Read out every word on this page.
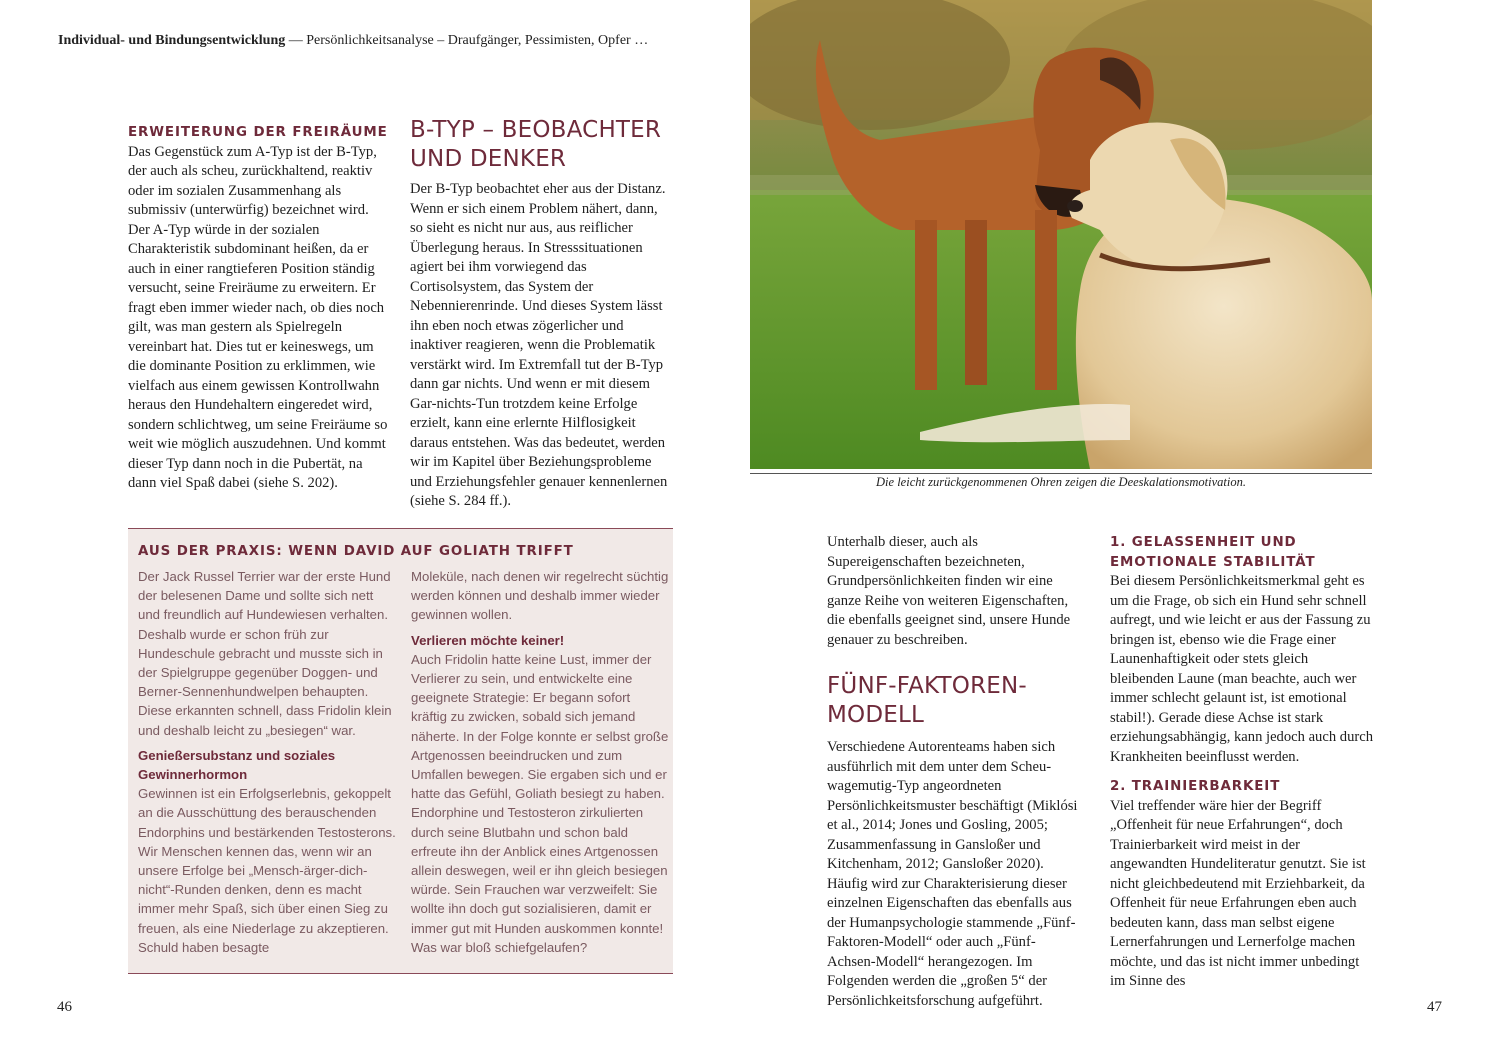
Individual- und Bindungsentwicklung — Persönlichkeitsanalyse – Draufgänger, Pessimisten, Opfer …
ERWEITERUNG DER FREIRÄUME

Das Gegenstück zum A-Typ ist der B-Typ, der auch als scheu, zurückhaltend, reaktiv oder im sozialen Zusammenhang als submissiv (unterwürfig) bezeichnet wird. Der A-Typ würde in der sozialen Charakteristik subdominant heißen, da er auch in einer rangtieferen Position ständig versucht, seine Freiräume zu erweitern. Er fragt eben immer wieder nach, ob dies noch gilt, was man gestern als Spielregeln vereinbart hat. Dies tut er keineswegs, um die dominante Position zu erklimmen, wie vielfach aus einem gewissen Kontrollwahn heraus den Hundehaltern eingeredet wird, sondern schlichtweg, um seine Freiräume so weit wie möglich auszudehnen. Und kommt dieser Typ dann noch in die Pubertät, na dann viel Spaß dabei (siehe S. 202).

B-TYP – BEOBACHTER UND DENKER

Der B-Typ beobachtet eher aus der Distanz. Wenn er sich einem Problem nähert, dann, so sieht es nicht nur aus, aus reiflicher Überlegung heraus. In Stresssituationen agiert bei ihm vorwiegend das Cortisolsystem, das System der Nebennierenrinde. Und dieses System lässt ihn eben noch etwas zögerlicher und inaktiver reagieren, wenn die Problematik verstärkt wird. Im Extremfall tut der B-Typ dann gar nichts. Und wenn er mit diesem Gar-nichts-Tun trotzdem keine Erfolge erzielt, kann eine erlernte Hilflosigkeit daraus entstehen. Was das bedeutet, werden wir im Kapitel über Beziehungsprobleme und Erziehungsfehler genauer kennenlernen (siehe S. 284 ff.).

AUS DER PRAXIS: WENN DAVID AUF GOLIATH TRIFFT

Der Jack Russel Terrier war der erste Hund der belesenen Dame und sollte sich nett und freundlich auf Hundewiesen verhalten. Deshalb wurde er schon früh zur Hundeschule gebracht und musste sich in der Spielgruppe gegenüber Doggen- und Berner-Sennenhundwelpen behaupten. Diese erkannten schnell, dass Fridolin klein und deshalb leicht zu „besiegen“ war.

Genießersubstanz und soziales Gewinnerhormon

Gewinnen ist ein Erfolgserlebnis, gekoppelt an die Ausschüttung des berauschenden Endorphins und bestärkenden Testosterons. Wir Menschen kennen das, wenn wir an unsere Erfolge bei „Mensch-ärger-dich-nicht“-Runden denken, denn es macht immer mehr Spaß, sich über einen Sieg zu freuen, als eine Niederlage zu akzeptieren. Schuld haben besagte

Moleküle, nach denen wir regelrecht süchtig werden können und deshalb immer wieder gewinnen wollen.

Verlieren möchte keiner!

Auch Fridolin hatte keine Lust, immer der Verlierer zu sein, und entwickelte eine geeignete Strategie: Er begann sofort kräftig zu zwicken, sobald sich jemand näherte. In der Folge konnte er selbst große Artgenossen beeindrucken und zum Umfallen bewegen. Sie ergaben sich und er hatte das Gefühl, Goliath besiegt zu haben. Endorphine und Testosteron zirkulierten durch seine Blutbahn und schon bald erfreute ihn der Anblick eines Artgenossen allein deswegen, weil er ihn gleich besiegen würde. Sein Frauchen war verzweifelt: Sie wollte ihn doch gut sozialisieren, damit er immer gut mit Hunden auskommen konnte! Was war bloß schiefgelaufen?

46
Die leicht zurückgenommenen Ohren zeigen die Deeskalationsmotivation.

Unterhalb dieser, auch als Supereigenschaften bezeichneten, Grundpersönlichkeiten finden wir eine ganze Reihe von weiteren Eigenschaften, die ebenfalls geeignet sind, unsere Hunde genauer zu beschreiben.

FÜNF-FAKTOREN-MODELL

Verschiedene Autorenteams haben sich ausführlich mit dem unter dem Scheu-wagemutig-Typ angeordneten Persönlichkeitsmuster beschäftigt (Miklósi et al., 2014; Jones und Gosling, 2005; Zusammenfassung in Gansloßer und Kitchenham, 2012; Gansloßer 2020). Häufig wird zur Charakterisierung dieser einzelnen Eigenschaften das ebenfalls aus der Humanpsychologie stammende „Fünf-Faktoren-Modell“ oder auch „Fünf-Achsen-Modell“ herangezogen. Im Folgenden werden die „großen 5“ der Persönlichkeitsforschung aufgeführt.

1. GELASSENHEIT UND EMOTIONALE STABILITÄT

Bei diesem Persönlichkeitsmerkmal geht es um die Frage, ob sich ein Hund sehr schnell aufregt, und wie leicht er aus der Fassung zu bringen ist, ebenso wie die Frage einer Launenhaftigkeit oder stets gleich bleibenden Laune (man beachte, auch wer immer schlecht gelaunt ist, ist emotional stabil!). Gerade diese Achse ist stark erziehungsabhängig, kann jedoch auch durch Krankheiten beeinflusst werden.

2. TRAINIERBARKEIT

Viel treffender wäre hier der Begriff „Offenheit für neue Erfahrungen“, doch Trainierbarkeit wird meist in der angewandten Hundeliteratur genutzt. Sie ist nicht gleichbedeutend mit Erziehbarkeit, da Offenheit für neue Erfahrungen eben auch bedeuten kann, dass man selbst eigene Lernerfahrungen und Lernerfolge machen möchte, und das ist nicht immer unbedingt im Sinne des

47
